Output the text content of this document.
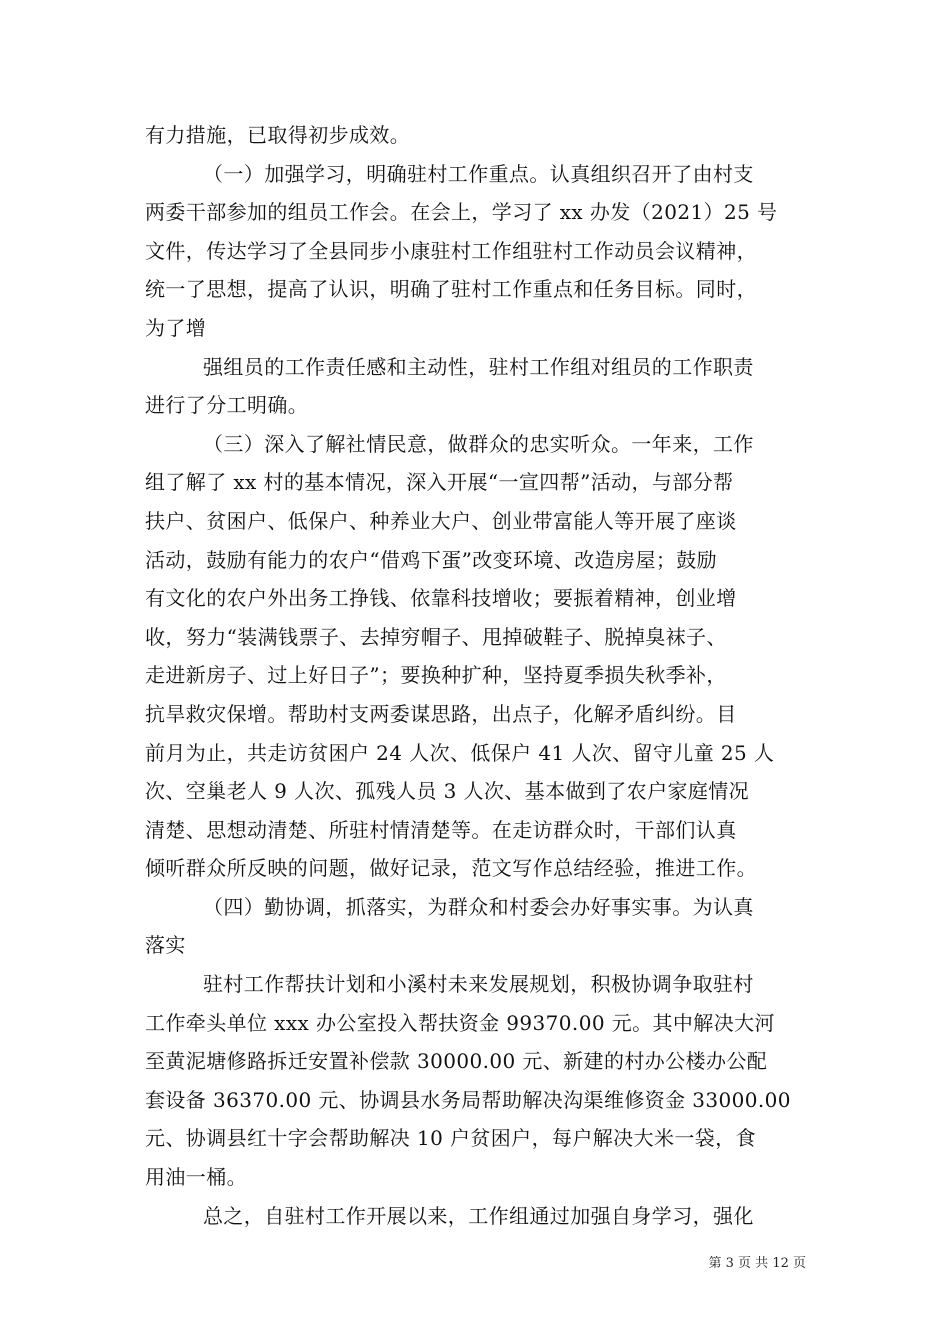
有力措施，已取得初步成效。
（一）加强学习，明确驻村工作重点。认真组织召开了由村支
两委干部参加的组员工作会。在会上，学习了 xx 办发（2021）25 号
文件，传达学习了全县同步小康驻村工作组驻村工作动员会议精神，
统一了思想，提高了认识，明确了驻村工作重点和任务目标。同时，
为了增
强组员的工作责任感和主动性，驻村工作组对组员的工作职责
进行了分工明确。
（三）深入了解社情民意，做群众的忠实听众。一年来，工作
组了解了 xx 村的基本情况，深入开展“一宣四帮”活动，与部分帮
扶户、贫困户、低保户、种养业大户、创业带富能人等开展了座谈
活动，鼓励有能力的农户“借鸡下蛋”改变环境、改造房屋；鼓励
有文化的农户外出务工挣钱、依靠科技增收；要振着精神，创业增
收，努力“装满钱票子、去掉穷帽子、甩掉破鞋子、脱掉臭袜子、
走进新房子、过上好日子”；要换种扩种，坚持夏季损失秋季补，
抗旱救灾保增。帮助村支两委谋思路，出点子，化解矛盾纠纷。目
前月为止，共走访贫困户 24 人次、低保户 41 人次、留守儿童 25 人
次、空巢老人 9 人次、孤残人员 3 人次、基本做到了农户家庭情况
清楚、思想动清楚、所驻村情清楚等。在走访群众时，干部们认真
倾听群众所反映的问题，做好记录，范文写作总结经验，推进工作。
（四）勤协调，抓落实，为群众和村委会办好事实事。为认真
落实
驻村工作帮扶计划和小溪村未来发展规划，积极协调争取驻村
工作牵头单位 xxx 办公室投入帮扶资金 99370.00 元。其中解决大河
至黄泥塘修路拆迁安置补偿款 30000.00 元、新建的村办公楼办公配
套设备 36370.00 元、协调县水务局帮助解决沟渠维修资金 33000.00
元、协调县红十字会帮助解决 10 户贫困户，每户解决大米一袋，食
用油一桶。
总之，自驻村工作开展以来，工作组通过加强自身学习，强化
第 3 页 共 12 页
